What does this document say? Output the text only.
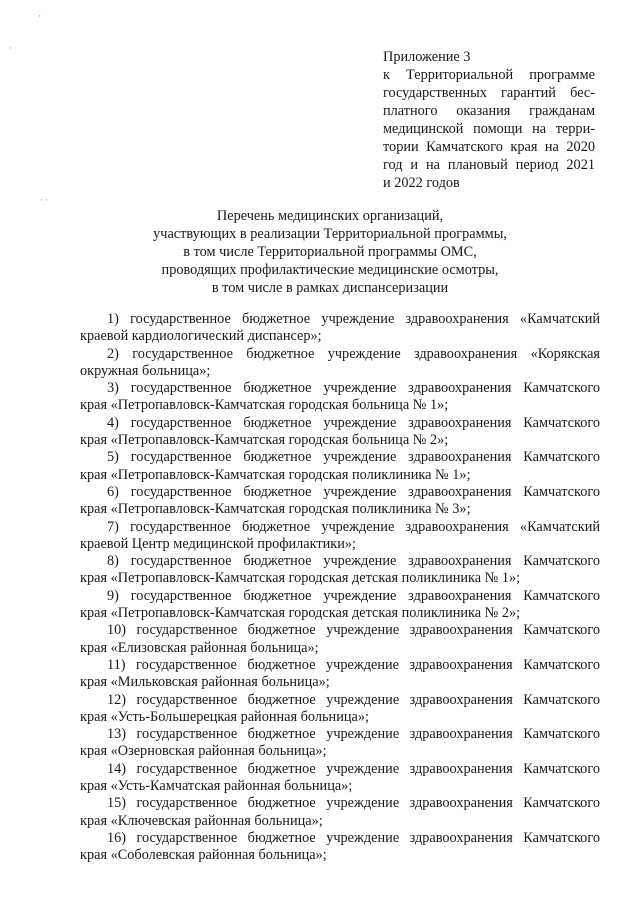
·
·
· ·
Приложение 3
к Территориальной программе
государственных гарантий бес-
платного оказания гражданам
медицинской помощи на терри-
тории Камчатского края на 2020
год и на плановый период 2021
и 2022 годов
Перечень медицинских организаций,
участвующих в реализации Территориальной программы,
в том числе Территориальной программы ОМС,
проводящих профилактические медицинские осмотры,
в том числе в рамках диспансеризации
1) государственное бюджетное учреждение здравоохранения «Камчатский
краевой кардиологический диспансер»;
2) государственное бюджетное учреждение здравоохранения «Корякская
окружная больница»;
3) государственное бюджетное учреждение здравоохранения Камчатского
края «Петропавловск-Камчатская городская больница № 1»;
4) государственное бюджетное учреждение здравоохранения Камчатского
края «Петропавловск-Камчатская городская больница № 2»;
5) государственное бюджетное учреждение здравоохранения Камчатского
края «Петропавловск-Камчатская городская поликлиника № 1»;
6) государственное бюджетное учреждение здравоохранения Камчатского
края «Петропавловск-Камчатская городская поликлиника № 3»;
7) государственное бюджетное учреждение здравоохранения «Камчатский
краевой Центр медицинской профилактики»;
8) государственное бюджетное учреждение здравоохранения Камчатского
края «Петропавловск-Камчатская городская детская поликлиника № 1»;
9) государственное бюджетное учреждение здравоохранения Камчатского
края «Петропавловск-Камчатская городская детская поликлиника № 2»;
10) государственное бюджетное учреждение здравоохранения Камчатского
края «Елизовская районная больница»;
11) государственное бюджетное учреждение здравоохранения Камчатского
края «Мильковская районная больница»;
12) государственное бюджетное учреждение здравоохранения Камчатского
края «Усть-Большерецкая районная больница»;
13) государственное бюджетное учреждение здравоохранения Камчатского
края «Озерновская районная больница»;
14) государственное бюджетное учреждение здравоохранения Камчатского
края «Усть-Камчатская районная больница»;
15) государственное бюджетное учреждение здравоохранения Камчатского
края «Ключевская районная больница»;
16) государственное бюджетное учреждение здравоохранения Камчатского
края «Соболевская районная больница»;
